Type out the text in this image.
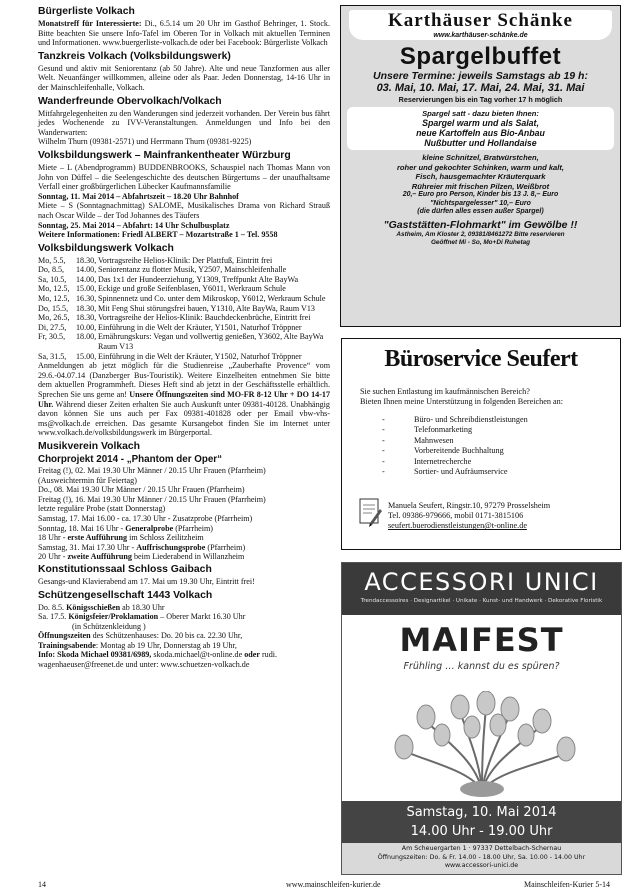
Bürgerliste Volkach

Monatstreff für Interessierte: Di., 6.5.14 um 20 Uhr im Gasthof Behringer, 1. Stock. Bitte beachten Sie unsere Info-Tafel im Oberen Tor in Volkach mit aktuellen Terminen und Informationen. www.buergerliste-volkach.de oder bei Facebook: Bürgerliste Volkach

Tanzkreis Volkach (Volksbildungswerk)

Gesund und aktiv mit Seniorentanz (ab 50 Jahre). Alte und neue Tanzformen aus aller Welt. Neuanfänger willkommen, alleine oder als Paar. Jeden Donnerstag, 14-16 Uhr in der Mainschleifenhalle, Volkach.

Wanderfreunde Obervolkach/Volkach

Mitfahrgelegenheiten zu den Wanderungen sind jederzeit vorhanden. Der Verein bus fährt jedes Wochenende zu IVV-Veranstaltungen. Anmeldungen und Info bei den Wanderwarten:
Wilhelm Thurn (09381-2571) und Herrmann Thurn (09381-9225)

Volksbildungswerk – Mainfrankentheater Würzburg

Miete – L (Abendprogramm) BUDDENBROOKS, Schauspiel nach Thomas Mann von John von Düffel – die Seelengeschichte des deutschen Bürgertums – der unaufhaltsame Verfall einer großbürgerlichen Lübecker Kaufmannsfamilie
Sonntag, 11. Mai 2014 – Abfahrtszeit – 18.20 Uhr Bahnhof
Miete – S (Sonntagnachmittag) SALOME, Musikalisches Drama von Richard Strauß nach Oscar Wilde – der Tod Johannes des Täufers
Sonntag, 25. Mai 2014 – Abfahrt: 14 Uhr Schulbusplatz
Weitere Informationen: Friedl ALBERT – Mozartstraße 1 – Tel. 9558

Volksbildungswerk Volkach
Mo, 5.5,	18.30, Vortragsreihe Helios-Klinik: Der Plattfuß, Eintritt frei
Do, 8.5,	14.00, Seniorentanz zu flotter Musik, Y2507, Mainschleifenhalle
Sa, 10.5,	14.00, Das 1x1 der Hundeerziehung, Y1309, Treffpunkt Alte BayWa
Mo, 12.5, 15.00, Eckige und große Seifenblasen, Y6011, Werkraum Schule
Mo, 12.5, 16.30, Spinnennetz und Co. unter dem Mikroskop, Y6012, Werkraum Schule
Do, 15.5, 18.30, Mit Feng Shui störungsfrei bauen, Y1310, Alte BayWa, Raum V13
Mo, 26.5, 18.30, Vortragsreihe der Helios-Klinik: Bauchdeckenbrüche, Eintritt frei
Di, 27.5,	10.00, Einführung in die Welt der Kräuter, Y1501, Naturhof Tröppner
Fr, 30.5,	18.00, Ernährungskurs: Vegan und vollwertig genießen, Y3602, Alte BayWa Raum V13
Sa, 31.5,	15.00, Einführung in die Welt der Kräuter, Y1502, Naturhof Tröppner

Anmeldungen ab jetzt möglich für die Studienreise „Zauberhafte Provence“ vom 29.6.-04.07.14 (Danzberger Bus-Touristik). Weitere Einzelheiten entnehmen Sie bitte dem aktuellen Programmheft. Dieses Heft sind ab jetzt in der Geschäftsstelle erhältlich. Sprechen Sie uns gerne an! Unsere Öffnungszeiten sind MO-FR 8-12 Uhr + DO 14-17 Uhr. Während dieser Zeiten erhalten Sie auch Auskunft unter 09381-40128. Unabhängig davon können Sie uns auch per Fax 09381-401828 oder per Email vbw-vhs-ms@volkach.de erreichen. Das gesamte Kursangebot finden Sie im Internet unter www.volkach.de/volksbildungswerk im Bürgerportal.

Musikverein Volkach
Chorprojekt 2014 - „Phantom der Oper“
Freitag (!), 02. Mai 19.30 Uhr Männer / 20.15 Uhr Frauen (Pfarrheim)
(Ausweichtermin für Feiertag)
Do., 08. Mai 19.30 Uhr Männer / 20.15 Uhr Frauen (Pfarrheim)
Freitag (!), 16. Mai 19.30 Uhr Männer / 20.15 Uhr Frauen (Pfarrheim)
letzte reguläre Probe (statt Donnerstag)
Samstag, 17. Mai 16.00 - ca. 17.30 Uhr - Zusatzprobe (Pfarrheim)
Sonntag, 18. Mai 16 Uhr - Generalprobe (Pfarrheim)
18 Uhr - erste Aufführung im Schloss Zeilitzheim
Samstag, 31. Mai 17.30 Uhr - Auffrischungsprobe (Pfarrheim)
20 Uhr - zweite Aufführung beim Liederabend in Willanzheim
Konstitutionssaal Schloss Gaibach

Gesangs-und Klavierabend am 17. Mai um 19.30 Uhr, Eintritt frei!

Schützengesellschaft 1443 Volkach
Do. 8.5. Königsschießen ab 18.30 Uhr
Sa. 17.5. Königsfeier/Proklamation – Oberer Markt 16.30 Uhr
(in Schützenkleidung )
Öffnungszeiten des Schützenhauses: Do. 20 bis ca. 22.30 Uhr,
Trainingsabende: Montag ab 19 Uhr, Donnerstag ab 19 Uhr,
Info: Skoda Michael 09381/6989, skoda.michael@t-online.de oder rudi.
wagenhaeuser@freenet.de und unter: www.schuetzen-volkach.de
Karthäuser Schänke
www.karthäuser-schänke.de
Spargelbuffet
Unsere Termine: jeweils Samstags ab 19 h:
03. Mai, 10. Mai, 17. Mai, 24. Mai, 31. Mai
Reservierungen bis ein Tag vorher 17 h möglich
Spargel satt - dazu bieten Ihnen:
Spargel warm und als Salat,
neue Kartoffeln aus Bio-Anbau
Nußbutter und Hollandaise
kleine Schnitzel, Bratwürstchen,
roher und gekochter Schinken, warm und kalt,
Fisch, hausgemachter Kräuterquark
Rühreier mit frischen Pilzen, Weißbrot
20,– Euro pro Person, Kinder bis 13 J. 8,– Euro
"Nichtspargelesser" 10,– Euro
(die dürfen alles essen außer Spargel)
"Gaststätten-Flohmarkt" im Gewölbe !!
Astheim, Am Kloster 2, 09381/8461272 Bitte reservieren
Geöffnet Mi - So, Mo+Di Ruhetag
Büroservice Seufert
Sie suchen Entlastung im kaufmännischen Bereich?
Bieten Ihnen meine Unterstützung in folgenden Bereichen an:
- Büro- und Schreibdienstleistungen
- Telefonmarketing
- Mahnwesen
- Vorbereitende Buchhaltung
- Internetrecherche
- Sortier- und Aufräumservice
Manuela Seufert, Ringstr.10, 97279 Prosselsheim
Tel. 09386-979666, mobil 0171-3815106
seufert.buerodienstleistungen@t-online.de
ACCESSORI UNICI
Trendaccessoires · Designartikel · Unikate · Kunst- und Handwerk · Dekorative Floristik
MAIFEST
Frühling … kannst du es spüren?
Samstag, 10. Mai 2014
14.00 Uhr - 19.00 Uhr
Am Scheuergarten 1 · 97337 Dettelbach-Schernau
Öffnungszeiten: Do. & Fr. 14.00 - 18.00 Uhr, Sa. 10.00 - 14.00 Uhr
www.accessori-unici.de
14	www.mainschleifen-kurier.de	Mainschleifen-Kurier 5-14
